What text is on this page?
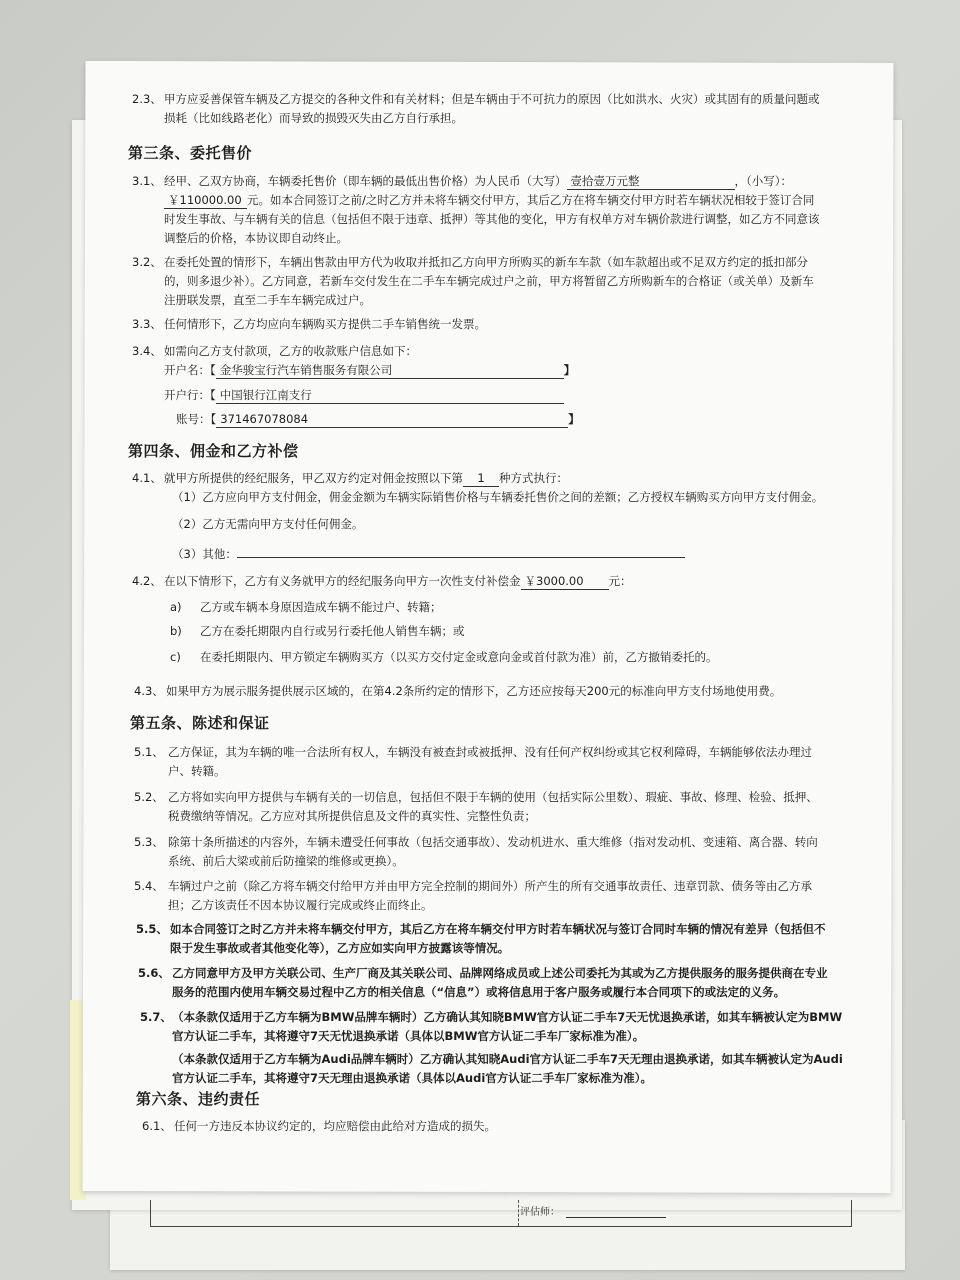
评估师：
2.3、 甲方应妥善保管车辆及乙方提交的各种文件和有关材料；但是车辆由于不可抗力的原因（比如洪水、火灾）或其固有的质量问题或
损耗（比如线路老化）而导致的损毁灭失由乙方自行承担。
第三条、委托售价
3.1、 经甲、乙双方协商，车辆委托售价（即车辆的最低出售价格）为人民币（大写） 壹拾壹万元整	，（小写）：
￥110000.00 元。如本合同签订之前/之时乙方并未将车辆交付甲方，其后乙方在将车辆交付甲方时若车辆状况相较于签订合同
时发生事故、与车辆有关的信息（包括但不限于违章、抵押）等其他的变化，甲方有权单方对车辆价款进行调整，如乙方不同意该
调整后的价格，本协议即自动终止。
3.2、 在委托处置的情形下，车辆出售款由甲方代为收取并抵扣乙方向甲方所购买的新车车款（如车款超出或不足双方约定的抵扣部分
的，则多退少补）。乙方同意，若新车交付发生在二手车车辆完成过户之前，甲方将暂留乙方所购新车的合格证（或关单）及新车
注册联发票，直至二手车车辆完成过户。
3.3、 任何情形下，乙方均应向车辆购买方提供二手车销售统一发票。
3.4、 如需向乙方支付款项，乙方的收款账户信息如下：
开户名：【 金华骏宝行汽车销售服务有限公司	】
开户行：【 中国银行江南支行
账号：【 371467078084	】
第四条、佣金和乙方补偿
4.1、 就甲方所提供的经纪服务，甲乙双方约定对佣金按照以下第 1 种方式执行：
（1）乙方应向甲方支付佣金，佣金金额为车辆实际销售价格与车辆委托售价之间的差额；乙方授权车辆购买方向甲方支付佣金。
（2）乙方无需向甲方支付任何佣金。
（3）其他：
4.2、 在以下情形下，乙方有义务就甲方的经纪服务向甲方一次性支付补偿金 ￥3000.00 元：
a) 乙方或车辆本身原因造成车辆不能过户、转籍；
b) 乙方在委托期限内自行或另行委托他人销售车辆；或
c) 在委托期限内、甲方锁定车辆购买方（以买方交付定金或意向金或首付款为准）前，乙方撤销委托的。
4.3、 如果甲方为展示服务提供展示区域的，在第4.2条所约定的情形下，乙方还应按每天200元的标准向甲方支付场地使用费。
第五条、陈述和保证
5.1、 乙方保证，其为车辆的唯一合法所有权人，车辆没有被查封或被抵押、没有任何产权纠纷或其它权利障碍，车辆能够依法办理过
户、转籍。
5.2、 乙方将如实向甲方提供与车辆有关的一切信息，包括但不限于车辆的使用（包括实际公里数）、瑕疵、事故、修理、检验、抵押、
税费缴纳等情况。乙方应对其所提供信息及文件的真实性、完整性负责；
5.3、 除第十条所描述的内容外，车辆未遭受任何事故（包括交通事故）、发动机进水、重大维修（指对发动机、变速箱、离合器、转向
系统、前后大梁或前后防撞梁的维修或更换）。
5.4、 车辆过户之前（除乙方将车辆交付给甲方并由甲方完全控制的期间外）所产生的所有交通事故责任、违章罚款、债务等由乙方承
担；乙方该责任不因本协议履行完成或终止而终止。
5.5、 如本合同签订之时乙方并未将车辆交付甲方，其后乙方在将车辆交付甲方时若车辆状况与签订合同时车辆的情况有差异（包括但不
限于发生事故或者其他变化等），乙方应如实向甲方披露该等情况。
5.6、 乙方同意甲方及甲方关联公司、生产厂商及其关联公司、品牌网络成员或上述公司委托为其或为乙方提供服务的服务提供商在专业
服务的范围内使用车辆交易过程中乙方的相关信息（“信息”）或将信息用于客户服务或履行本合同项下的或法定的义务。
5.7、 （本条款仅适用于乙方车辆为BMW品牌车辆时）乙方确认其知晓BMW官方认证二手车7天无忧退换承诺，如其车辆被认定为BMW
官方认证二手车，其将遵守7天无忧退换承诺（具体以BMW官方认证二手车厂家标准为准）。
（本条款仅适用于乙方车辆为Audi品牌车辆时）乙方确认其知晓Audi官方认证二手车7天无理由退换承诺，如其车辆被认定为Audi
官方认证二手车，其将遵守7天无理由退换承诺（具体以Audi官方认证二手车厂家标准为准）。
第六条、违约责任
6.1、 任何一方违反本协议约定的，均应赔偿由此给对方造成的损失。
